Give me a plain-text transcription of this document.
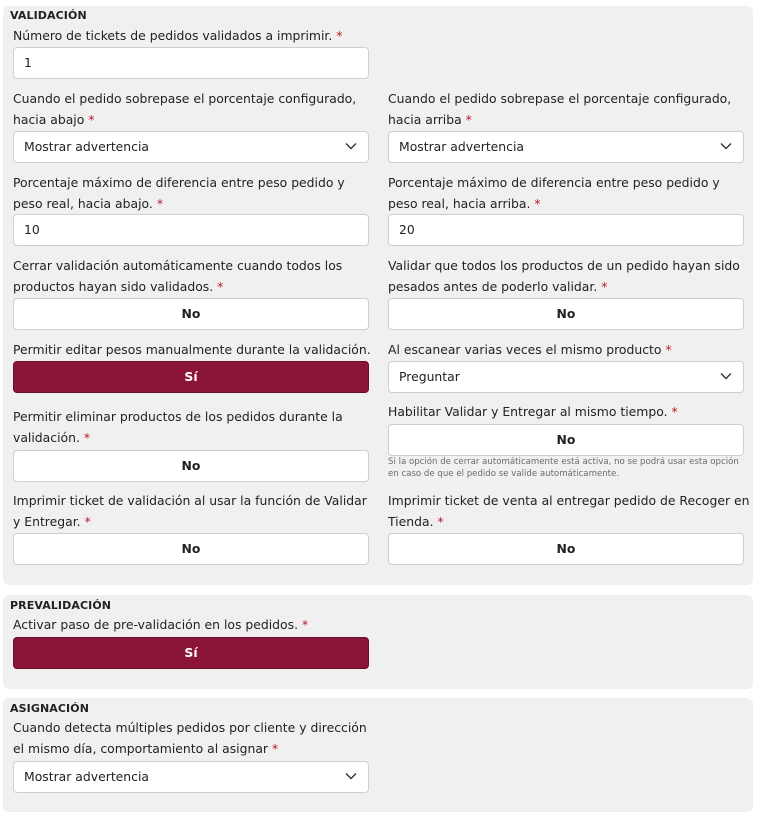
VALIDACIÓN
Número de tickets de pedidos validados a imprimir. *
1
Cuando el pedido sobrepase el porcentaje configurado, hacia abajo *
Mostrar advertencia
Cuando el pedido sobrepase el porcentaje configurado, hacia arriba *
Mostrar advertencia
Porcentaje máximo de diferencia entre peso pedido y peso real, hacia abajo. *
10
Porcentaje máximo de diferencia entre peso pedido y peso real, hacia arriba. *
20
Cerrar validación automáticamente cuando todos los productos hayan sido validados. *
No
Validar que todos los productos de un pedido hayan sido pesados antes de poderlo validar. *
No
Permitir editar pesos manualmente durante la validación.
Sí
Al escanear varias veces el mismo producto *
Preguntar
Permitir eliminar productos de los pedidos durante la validación. *
No
Habilitar Validar y Entregar al mismo tiempo. *
No
Si la opción de cerrar automáticamente está activa, no se podrá usar esta opción en caso de que el pedido se valide automáticamente.
Imprimir ticket de validación al usar la función de Validar y Entregar. *
No
Imprimir ticket de venta al entregar pedido de Recoger en Tienda. *
No
PREVALIDACIÓN
Activar paso de pre-validación en los pedidos. *
Sí
ASIGNACIÓN
Cuando detecta múltiples pedidos por cliente y dirección el mismo día, comportamiento al asignar *
Mostrar advertencia
